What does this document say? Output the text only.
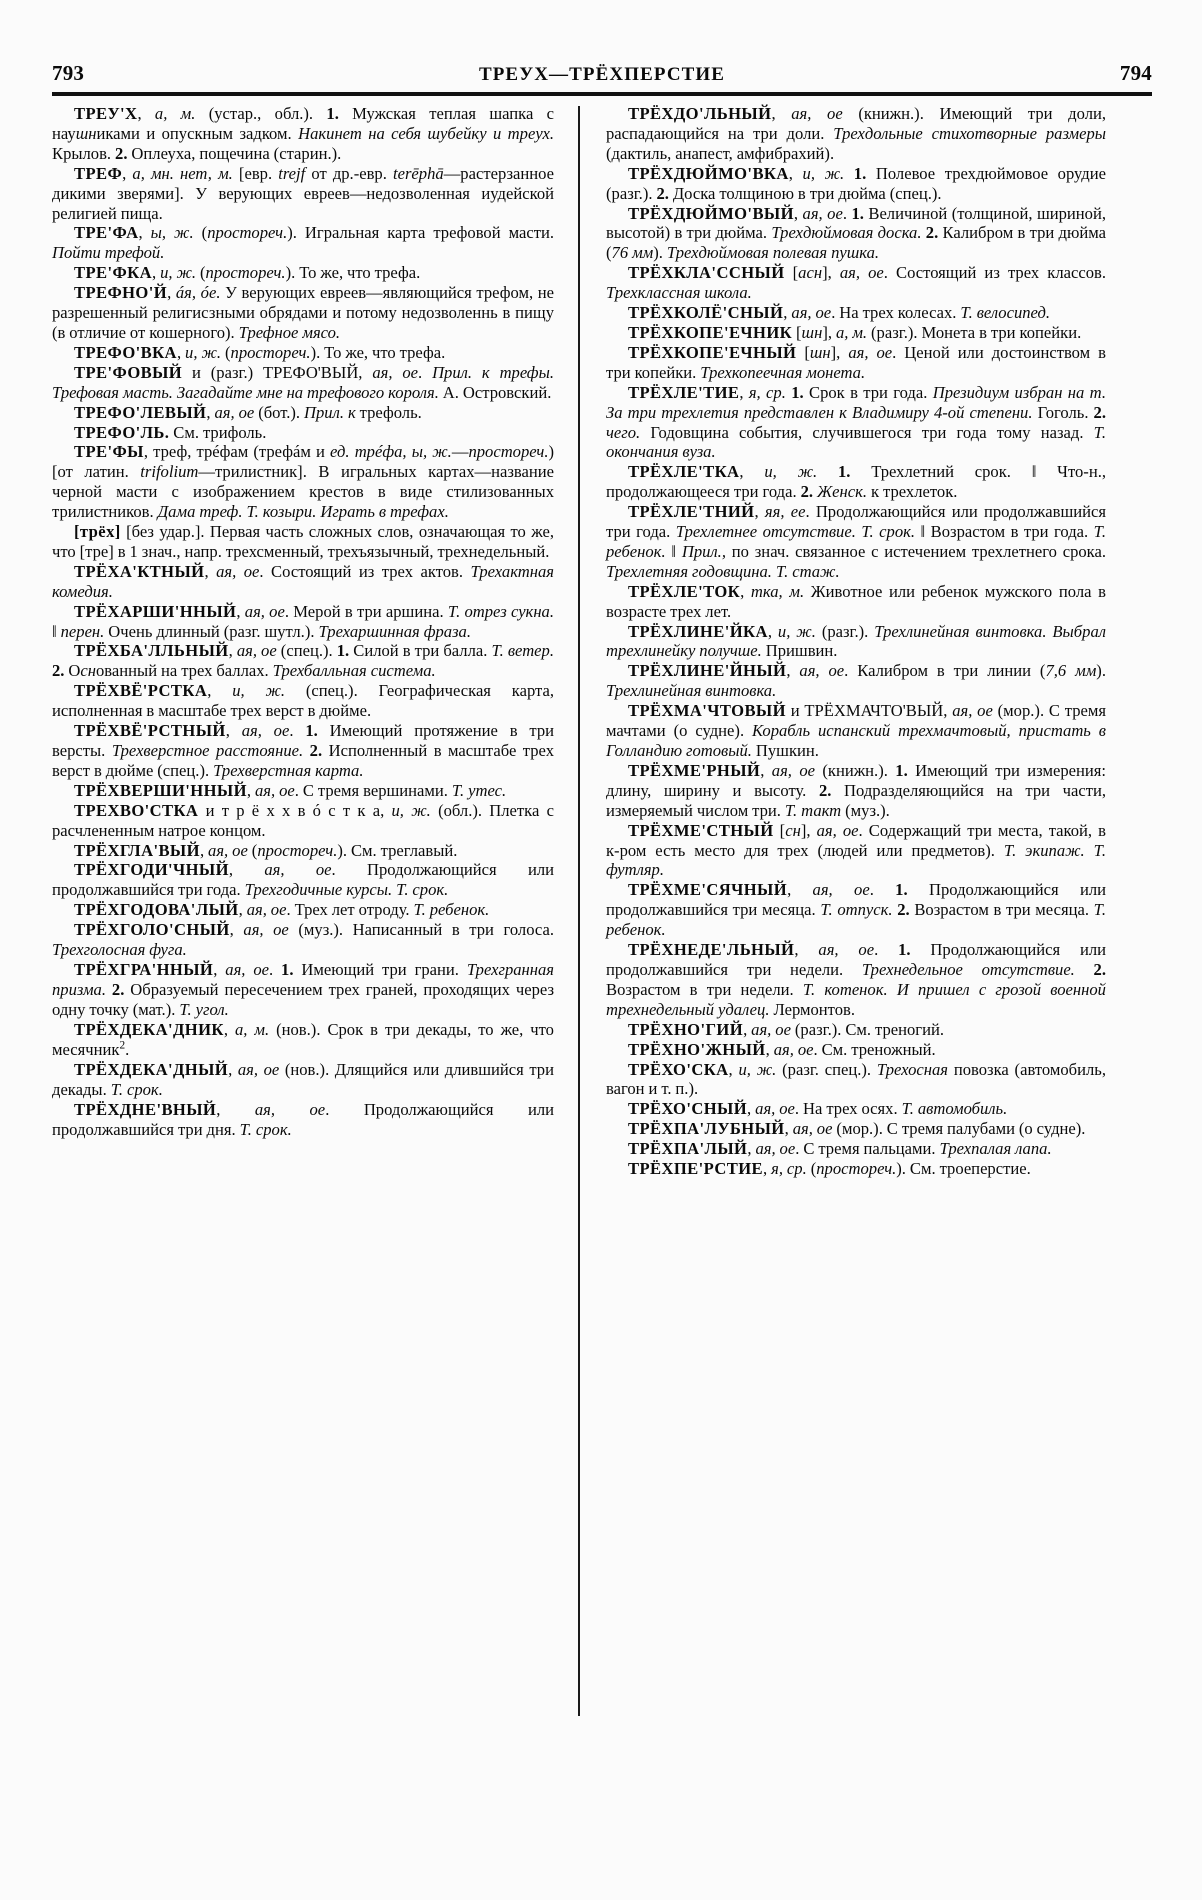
793	ТРЕУХ—ТРЁХПЕРСТИЕ	794

ТРЕУ'Х, а, м. (устар., обл.). 1. Мужская теплая шапка с наушниками и опускным задком. Накинет на себя шубейку и треух. Крылов. 2. Оплеуха, пощечина (старин.).

ТРЕФ, а, мн. нет, м. [евр. trejf от др.-евр. terēphā—растерзанное дикими зверями]. У верующих евреев—недозволенная иудейской религией пища.

ТРЕ'ФА, ы, ж. (простореч.). Игральная карта трефовой масти. Пойти трефой.

ТРЕ'ФКА, и, ж. (простореч.). То же, что трефа.

ТРЕФНО'Й, áя, óе. У верующих евреев—являющийся трефом, не разрешенный религисзными обрядами и потому недозволеннь в пищу (в отличие от кошерного). Трефное мясо.

ТРЕФО'ВКА, и, ж. (простореч.). То же, что трефа.

ТРЕ'ФОВЫЙ и (разг.) ТРЕФО'ВЫЙ, ая, ое. Прил. к трефы. Трефовая масть. Загадайте мне на трефового короля. А. Островский.

ТРЕФО'ЛЕВЫЙ, ая, ое (бот.). Прил. к трефоль.

ТРЕФО'ЛЬ. См. трифоль.

ТРЕ'ФЫ, треф, трéфам (трефáм и ед. трéфа, ы, ж.—простореч.) [от латин. trifolium—трилистник]. В игральных картах—название черной масти с изображением крестов в виде стилизованных трилистников. Дама треф. Т. козыри. Играть в трефах.

[трёх] [без удар.]. Первая часть сложных слов, означающая то же, что [тре] в 1 знач., напр. трехсменный, трехъязычный, трехнедельный.

ТРЁХА'КТНЫЙ, ая, ое. Состоящий из трех актов. Трехактная комедия.

ТРЁХАРШИ'ННЫЙ, ая, ое. Мерой в три аршина. Т. отрез сукна. ‖ перен. Очень длинный (разг. шутл.). Трехаршинная фраза.

ТРЁХБА'ЛЛЬНЫЙ, ая, ое (спец.). 1. Силой в три балла. Т. ветер. 2. Основанный на трех баллах. Трехбалльная система.

ТРЁХВЁ'РСТКА, и, ж. (спец.). Географическая карта, исполненная в масштабе трех верст в дюйме.

ТРЁХВЁ'РСТНЫЙ, ая, ое. 1. Имеющий протяжение в три версты. Трехверстное расстояние. 2. Исполненный в масштабе трех верст в дюйме (спец.). Трехверстная карта.

ТРЁХВЕРШИ'ННЫЙ, ая, ое. С тремя вершинами. Т. утес.

ТРЕХВО'СТКА и т р ё х х в ó с т к а, и, ж. (обл.). Плетка с расчлененным натрое концом.

ТРЁХГЛА'ВЫЙ, ая, ое (простореч.). См. треглавый.

ТРЁХГОДИ'ЧНЫЙ, ая, ое. Продолжающийся или продолжавшийся три года. Трехгодичные курсы. Т. срок.

ТРЁХГОДОВА'ЛЫЙ, ая, ое. Трех лет отроду. Т. ребенок.

ТРЁХГОЛО'СНЫЙ, ая, ое (муз.). Написанный в три голоса. Трехголосная фуга.

ТРЁХГРА'ННЫЙ, ая, ое. 1. Имеющий три грани. Трехгранная призма. 2. Образуемый пересечением трех граней, проходящих через одну точку (мат.). Т. угол.

ТРЁХДЕКА'ДНИК, а, м. (нов.). Срок в три декады, то же, что месячник$^2$.

ТРЁХДЕКА'ДНЫЙ, ая, ое (нов.). Длящийся или длившийся три декады. Т. срок.

ТРЁХДНЕ'ВНЫЙ, ая, ое. Продолжающийся или продолжавшийся три дня. Т. срок.

ТРЁХДО'ЛЬНЫЙ, ая, ое (книжн.). Имеющий три доли, распадающийся на три доли. Трехдольные стихотворные размеры (дактиль, анапест, амфибрахий).

ТРЁХДЮЙМО'ВКА, и, ж. 1. Полевое трехдюймовое орудие (разг.). 2. Доска толщиною в три дюйма (спец.).

ТРЁХДЮЙМО'ВЫЙ, ая, ое. 1. Величиной (толщиной, шириной, высотой) в три дюйма. Трехдюймовая доска. 2. Калибром в три дюйма (76 мм). Трехдюймовая полевая пушка.

ТРЁХКЛА'ССНЫЙ [асн], ая, ое. Состоящий из трех классов. Трехклассная школа.

ТРЁХКОЛЁ'СНЫЙ, ая, ое. На трех колесах. Т. велосипед.

ТРЁХКОПЕ'ЕЧНИК [шн], а, м. (разг.). Монета в три копейки.

ТРЁХКОПЕ'ЕЧНЫЙ [шн], ая, ое. Ценой или достоинством в три копейки. Трехкопеечная монета.

ТРЁХЛЕ'ТИЕ, я, ср. 1. Срок в три года. Президиум избран на т. За три трехлетия представлен к Владимиру 4-ой степени. Гоголь. 2. чего. Годовщина события, случившегося три года тому назад. Т. окончания вуза.

ТРЁХЛЕ'ТКА, и, ж. 1. Трехлетний срок. ‖ Что-н., продолжающееся три года. 2. Женск. к трехлеток.

ТРЁХЛЕ'ТНИЙ, яя, ее. Продолжающийся или продолжавшийся три года. Трехлетнее отсутствие. Т. срок. ‖ Возрастом в три года. Т. ребенок. ‖ Прил., по знач. связанное с истечением трехлетнего срока. Трехлетняя годовщина. Т. стаж.

ТРЁХЛЕ'ТОК, тка, м. Животное или ребенок мужского пола в возрасте трех лет.

ТРЁХЛИНЕ'ЙКА, и, ж. (разг.). Трехлинейная винтовка. Выбрал трехлинейку получше. Пришвин.

ТРЁХЛИНЕ'ЙНЫЙ, ая, ое. Калибром в три линии (7,6 мм). Трехлинейная винтовка.

ТРЁХМА'ЧТОВЫЙ и ТРЁХМАЧТО'ВЫЙ, ая, ое (мор.). С тремя мачтами (о судне). Корабль испанский трехмачтовый, пристать в Голландию готовый. Пушкин.

ТРЁХМЕ'РНЫЙ, ая, ое (книжн.). 1. Имеющий три измерения: длину, ширину и высоту. 2. Подразделяющийся на три части, измеряемый числом три. Т. такт (муз.).

ТРЁХМЕ'СТНЫЙ [сн], ая, ое. Содержащий три места, такой, в к-ром есть место для трех (людей или предметов). Т. экипаж. Т. футляр.

ТРЁХМЕ'СЯЧНЫЙ, ая, ое. 1. Продолжающийся или продолжавшийся три месяца. Т. отпуск. 2. Возрастом в три месяца. Т. ребенок.

ТРЁХНЕДЕ'ЛЬНЫЙ, ая, ое. 1. Продолжающийся или продолжавшийся три недели. Трехнедельное отсутствие. 2. Возрастом в три недели. Т. котенок. И пришел с грозой военной трехнедельный удалец. Лермонтов.

ТРЁХНО'ГИЙ, ая, ое (разг.). См. треногий.

ТРЁХНО'ЖНЫЙ, ая, ое. См. треножный.

ТРЁХО'СКА, и, ж. (разг. спец.). Трехосная повозка (автомобиль, вагон и т. п.).

ТРЁХО'СНЫЙ, ая, ое. На трех осях. Т. автомобиль.

ТРЁХПА'ЛУБНЫЙ, ая, ое (мор.). С тремя палубами (о судне).

ТРЁХПА'ЛЫЙ, ая, ое. С тремя пальцами. Трехпалая лапа.

ТРЁХПЕ'РСТИЕ, я, ср. (простореч.). См. троеперстие.
